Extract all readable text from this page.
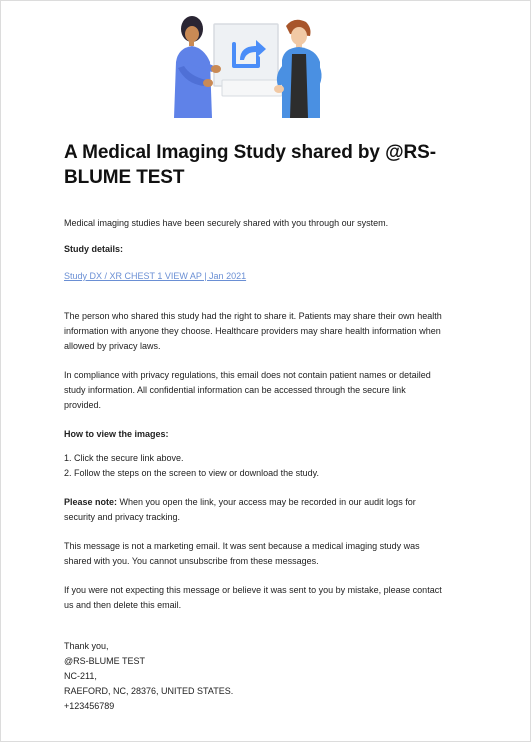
A Medical Imaging Study shared by @RS-BLUME TEST

Medical imaging studies have been securely shared with you through our system.

Study details:

Study DX / XR CHEST 1 VIEW AP | Jan 2021

The person who shared this study had the right to share it. Patients may share their own health information with anyone they choose. Healthcare providers may share health information when allowed by privacy laws.

In compliance with privacy regulations, this email does not contain patient names or detailed study information. All confidential information can be accessed through the secure link provided.

How to view the images:

1. Click the secure link above.

2. Follow the steps on the screen to view or download the study.

Please note: When you open the link, your access may be recorded in our audit logs for security and privacy tracking.

This message is not a marketing email. It was sent because a medical imaging study was shared with you. You cannot unsubscribe from these messages.

If you were not expecting this message or believe it was sent to you by mistake, please contact us and then delete this email.

Thank you,
@RS-BLUME TEST
NC-211,
RAEFORD, NC, 28376, UNITED STATES.
+123456789
